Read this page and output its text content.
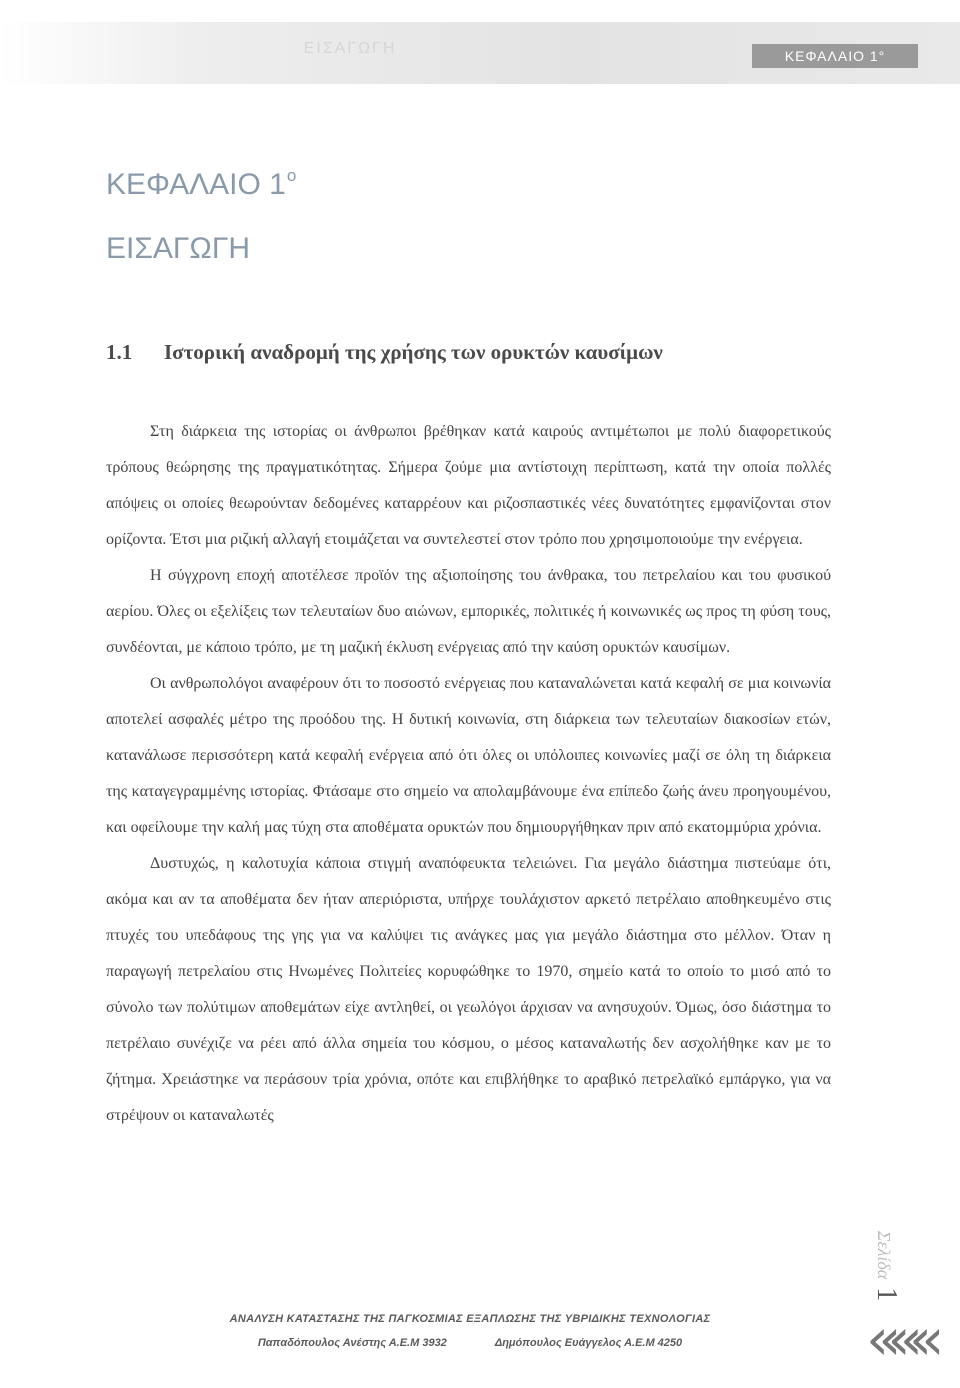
ΕΙΣΑΓΩΓΗ	ΚΕΦΑΛΑΙΟ 1°
ΚΕΦΑΛΑΙΟ $1^o$
ΕΙΣΑΓΩΓΗ
1.1 Ιστορική αναδρομή της χρήσης των ορυκτών καυσίμων

Στη διάρκεια της ιστορίας οι άνθρωποι βρέθηκαν κατά καιρούς αντιμέτωποι με πολύ διαφορετικούς τρόπους θεώρησης της πραγματικότητας. Σήμερα ζούμε μια αντίστοιχη περίπτωση, κατά την οποία πολλές απόψεις οι οποίες θεωρούνταν δεδομένες καταρρέουν και ριζοσπαστικές νέες δυνατότητες εμφανίζονται στον ορίζοντα. Έτσι μια ριζική αλλαγή ετοιμάζεται να συντελεστεί στον τρόπο που χρησιμοποιούμε την ενέργεια.

Η σύγχρονη εποχή αποτέλεσε προϊόν της αξιοποίησης του άνθρακα, του πετρελαίου και του φυσικού αερίου. Όλες οι εξελίξεις των τελευταίων δυο αιώνων, εμπορικές, πολιτικές ή κοινωνικές ως προς τη φύση τους, συνδέονται, με κάποιο τρόπο, με τη μαζική έκλυση ενέργειας από την καύση ορυκτών καυσίμων.

Οι ανθρωπολόγοι αναφέρουν ότι το ποσοστό ενέργειας που καταναλώνεται κατά κεφαλή σε μια κοινωνία αποτελεί ασφαλές μέτρο της προόδου της. Η δυτική κοινωνία, στη διάρκεια των τελευταίων διακοσίων ετών, κατανάλωσε περισσότερη κατά κεφαλή ενέργεια από ότι όλες οι υπόλοιπες κοινωνίες μαζί σε όλη τη διάρκεια της καταγεγραμμένης ιστορίας. Φτάσαμε στο σημείο να απολαμβάνουμε ένα επίπεδο ζωής άνευ προηγουμένου, και οφείλουμε την καλή μας τύχη στα αποθέματα ορυκτών που δημιουργήθηκαν πριν από εκατομμύρια χρόνια.

Δυστυχώς, η καλοτυχία κάποια στιγμή αναπόφευκτα τελειώνει. Για μεγάλο διάστημα πιστεύαμε ότι, ακόμα και αν τα αποθέματα δεν ήταν απεριόριστα, υπήρχε τουλάχιστον αρκετό πετρέλαιο αποθηκευμένο στις πτυχές του υπεδάφους της γης για να καλύψει τις ανάγκες μας για μεγάλο διάστημα στο μέλλον. Όταν η παραγωγή πετρελαίου στις Ηνωμένες Πολιτείες κορυφώθηκε το 1970, σημείο κατά το οποίο το μισό από το σύνολο των πολύτιμων αποθεμάτων είχε αντληθεί, οι γεωλόγοι άρχισαν να ανησυχούν. Όμως, όσο διάστημα το πετρέλαιο συνέχιζε να ρέει από άλλα σημεία του κόσμου, ο μέσος καταναλωτής δεν ασχολήθηκε καν με το ζήτημα. Χρειάστηκε να περάσουν τρία χρόνια, οπότε και επιβλήθηκε το αραβικό πετρελαϊκό εμπάργκο, για να στρέψουν οι καταναλωτές

Σελίδα1
«««
ΑΝΑΛΥΣΗ ΚΑΤΑΣΤΑΣΗΣ ΤΗΣ ΠΑΓΚΟΣΜΙΑΣ ΕΞΑΠΛΩΣΗΣ ΤΗΣ ΥΒΡΙΔΙΚΗΣ ΤΕΧΝΟΛΟΓΙΑΣ
Παπαδόπουλος Ανέστης Α.Ε.Μ 3932	Δημόπουλος Ευάγγελος Α.Ε.Μ 4250
